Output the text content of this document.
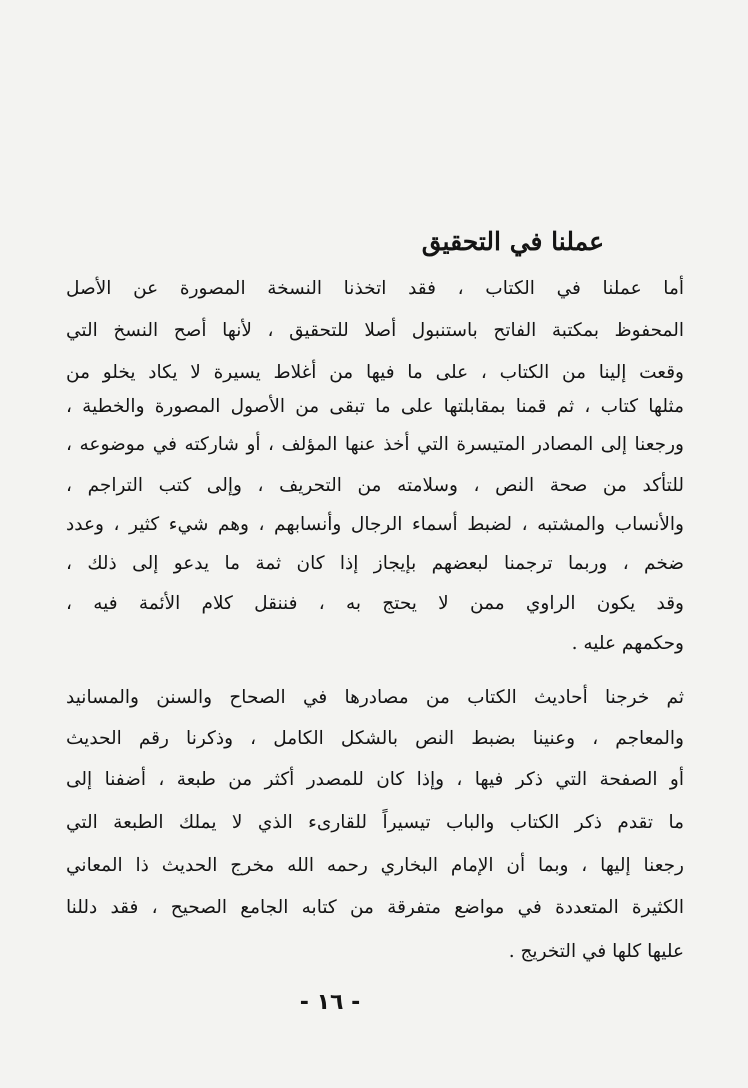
عملنا في التحقيق
أما عملنا في الكتاب ، فقد اتخذنا النسخة المصورة عن الأصل
المحفوظ بمكتبة الفاتح باستنبول أصلا للتحقيق ، لأنها أصح النسخ التي
وقعت إلينا من الكتاب ، على ما فيها من أغلاط يسيرة لا يكاد يخلو من
مثلها كتاب ، ثم قمنا بمقابلتها على ما تبقى من الأصول المصورة والخطية ،
ورجعنا إلى المصادر المتيسرة التي أخذ عنها المؤلف ، أو شاركته في موضوعه ،
للتأكد من صحة النص ، وسلامته من التحريف ، وإلى كتب التراجم ،
والأنساب والمشتبه ، لضبط أسماء الرجال وأنسابهم ، وهم شيء كثير ، وعدد
ضخم ، وربما ترجمنا لبعضهم بإيجاز إذا كان ثمة ما يدعو إلى ذلك ،
وقد يكون الراوي ممن لا يحتج به ، فننقل كلام الأئمة فيه ،
وحكمهم عليه .
ثم خرجنا أحاديث الكتاب من مصادرها في الصحاح والسنن والمسانيد
والمعاجم ، وعنينا بضبط النص بالشكل الكامل ، وذكرنا رقم الحديث
أو الصفحة التي ذكر فيها ، وإذا كان للمصدر أكثر من طبعة ، أضفنا إلى
ما تقدم ذكر الكتاب والباب تيسيراً للقارىء الذي لا يملك الطبعة التي
رجعنا إليها ، وبما أن الإمام البخاري رحمه الله مخرج الحديث ذا المعاني
الكثيرة المتعددة في مواضع متفرقة من كتابه الجامع الصحيح ، فقد دللنا
عليها كلها في التخريج .
- ١٦ -
